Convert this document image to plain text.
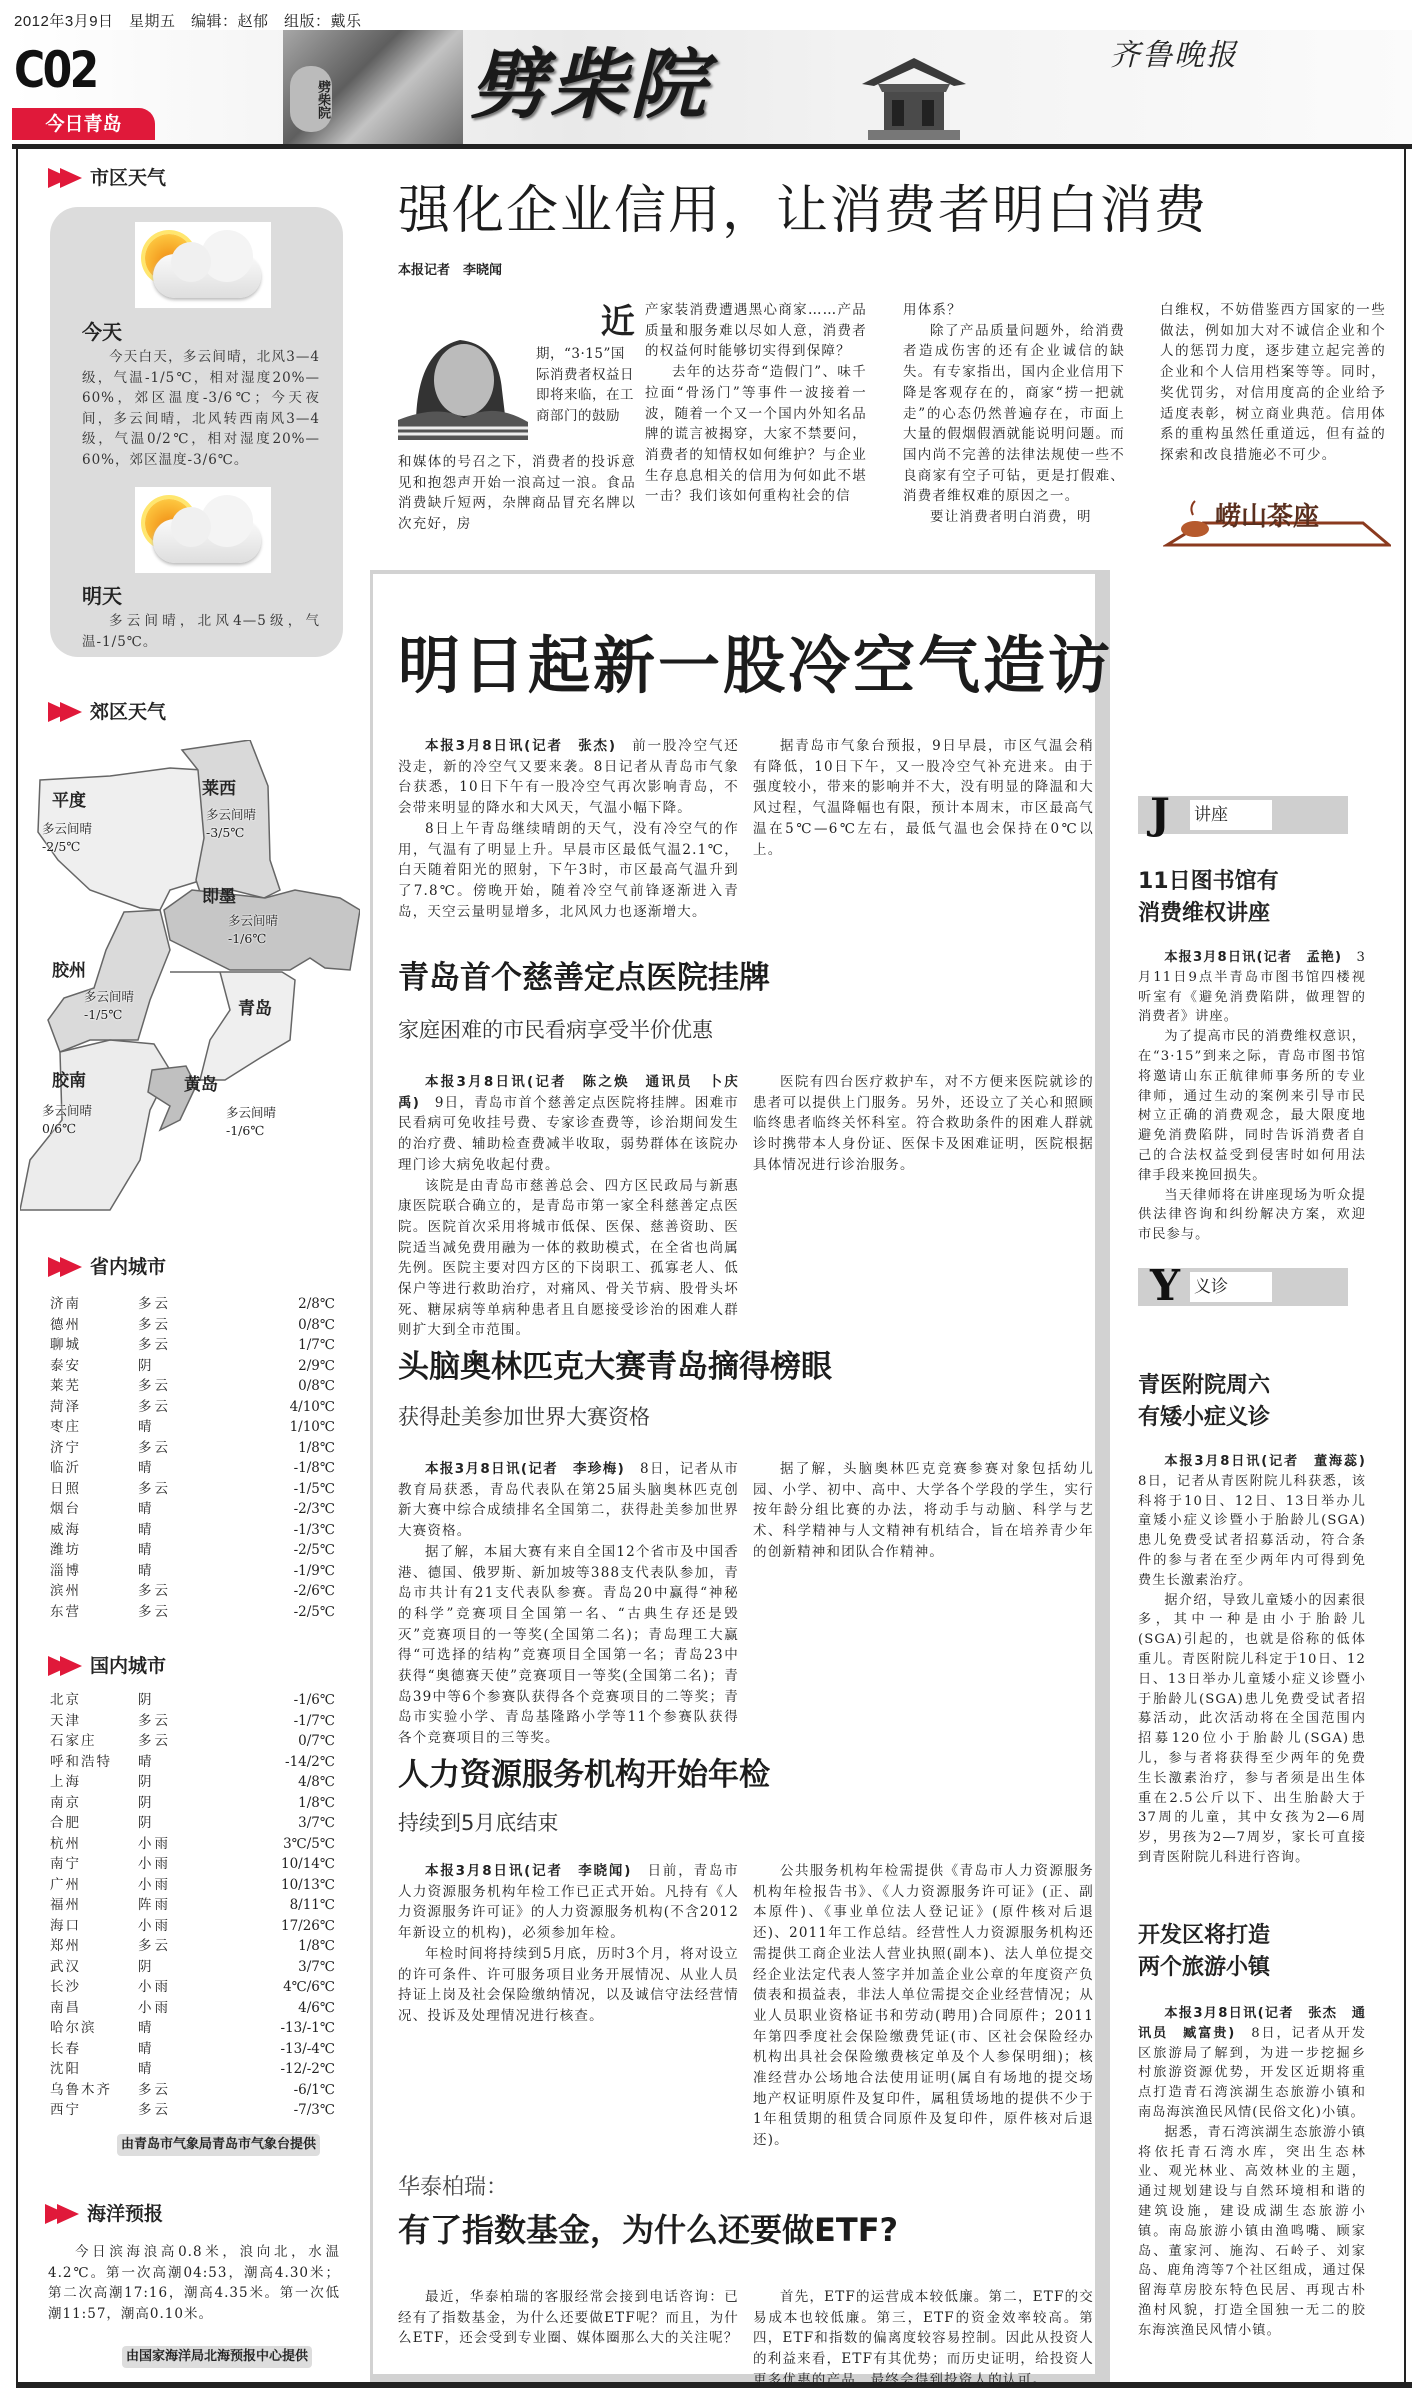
2012年3月9日　星期五　编辑：赵郁　组版：戴乐
劈柴院
C02
今日青岛	劈柴院	齐鲁晚报
市区天气
今天
今天白天，多云间晴，北风3—4级，气温-1/5℃，相对湿度20%—60%，郊区温度-3/6℃；今天夜间，多云间晴，北风转西南风3—4级，气温0/2℃，相对湿度20%—60%，郊区温度-3/6℃。
明天
多云间晴，北风4—5级，气温-1/5℃。
郊区天气
平度
多云间晴
-2/5℃
莱西
多云间晴
-3/5℃
即墨
多云间晴
-1/6℃
胶州
多云间晴
-1/5℃	青岛
胶南
多云间晴
0/6℃
黄岛
多云间晴
-1/6℃
省内城市
济南	多云	2/8℃
德州	多云	0/8℃
聊城	多云	1/7℃
泰安	阴	2/9℃
莱芜	多云	0/8℃
菏泽	多云	4/10℃
枣庄	晴	1/10℃
济宁	多云	1/8℃
临沂	晴	-1/8℃
日照	多云	-1/5℃
烟台	晴	-2/3℃
威海	晴	-1/3℃
潍坊	晴	-2/5℃
淄博	晴	-1/9℃
滨州	多云	-2/6℃
东营	多云	-2/5℃
国内城市
北京	阴	-1/6℃
天津	多云	-1/7℃
石家庄	多云	0/7℃
呼和浩特	晴	-14/2℃
上海	阴	4/8℃
南京	阴	1/8℃
合肥	阴	3/7℃
杭州	小雨	3℃/5℃
南宁	小雨	10/14℃
广州	小雨	10/13℃
福州	阵雨	8/11℃
海口	小雨	17/26℃
郑州	多云	1/8℃
武汉	阴	3/7℃
长沙	小雨	4℃/6℃
南昌	小雨	4/6℃
哈尔滨	晴	-13/-1℃
长春	晴	-13/-4℃
沈阳	晴	-12/-2℃
乌鲁木齐	多云	-6/1℃
西宁	多云	-7/3℃
由青岛市气象局青岛市气象台提供
海洋预报
今日滨海浪高0.8米，浪向北，水温4.2℃。第一次高潮04:53，潮高4.30米；第二次高潮17:16，潮高4.35米。第一次低潮11:57，潮高0.10米。
由国家海洋局北海预报中心提供
强化企业信用，让消费者明白消费
本报记者　李晓闻
近
期，“3·15”国际消费者权益日即将来临，在工商部门的鼓励
和媒体的号召之下，消费者的投诉意见和抱怨声开始一浪高过一浪。食品消费缺斤短两，杂牌商品冒充名牌以次充好，房
产家装消费遭遇黑心商家……产品质量和服务难以尽如人意，消费者的权益何时能够切实得到保障？

去年的达芬奇“造假门”、味千拉面“骨汤门”等事件一波接着一波，随着一个又一个国内外知名品牌的谎言被揭穿，大家不禁要问，消费者的知情权如何维护？与企业生存息息相关的信用为何如此不堪一击？我们该如何重构社会的信

用体系？

除了产品质量问题外，给消费者造成伤害的还有企业诚信的缺失。有专家指出，国内企业信用下降是客观存在的，商家“捞一把就走”的心态仍然普遍存在，市面上大量的假烟假酒就能说明问题。而国内尚不完善的法律法规使一些不良商家有空子可钻，更是打假难、消费者维权难的原因之一。

要让消费者明白消费，明

白维权，不妨借鉴西方国家的一些做法，例如加大对不诚信企业和个人的惩罚力度，逐步建立起完善的企业和个人信用档案等等。同时，奖优罚劣，对信用度高的企业给予适度表彰，树立商业典范。信用体系的重构虽然任重道远，但有益的探索和改良措施必不可少。
崂山茶座
明日起新一股冷空气造访

本报3月8日讯(记者　张杰)　 前一股冷空气还没走，新的冷空气又要来袭。8日记者从青岛市气象台获悉，10日下午有一股冷空气再次影响青岛，不会带来明显的降水和大风天，气温小幅下降。

8日上午青岛继续晴朗的天气，没有冷空气的作用，气温有了明显上升。早晨市区最低气温2.1℃，白天随着阳光的照射，下午3时，市区最高气温升到了7.8℃。傍晚开始，随着冷空气前锋逐渐进入青岛，天空云量明显增多，北风风力也逐渐增大。

据青岛市气象台预报，9日早晨，市区气温会稍有降低，10日下午，又一股冷空气补充进来。由于强度较小，带来的影响并不大，没有明显的降温和大风过程，气温降幅也有限，预计本周末，市区最高气温在5℃—6℃左右，最低气温也会保持在0℃以上。

青岛首个慈善定点医院挂牌
家庭困难的市民看病享受半价优惠

本报3月8日讯(记者　陈之焕　通讯员　卜庆禹)　 9日，青岛市首个慈善定点医院将挂牌。困难市民看病可免收挂号费、专家诊查费等，诊治期间发生的治疗费、辅助检查费减半收取，弱势群体在该院办理门诊大病免收起付费。

该院是由青岛市慈善总会、四方区民政局与新惠康医院联合确立的，是青岛市第一家全科慈善定点医院。医院首次采用将城市低保、医保、慈善资助、医院适当减免费用融为一体的救助模式，在全省也尚属先例。医院主要对四方区的下岗职工、孤寡老人、低保户等进行救助治疗，对痛风、骨关节病、股骨头坏死、糖尿病等单病种患者且自愿接受诊治的困难人群则扩大到全市范围。

医院有四台医疗救护车，对不方便来医院就诊的患者可以提供上门服务。另外，还设立了关心和照顾临终患者临终关怀科室。符合救助条件的困难人群就诊时携带本人身份证、医保卡及困难证明，医院根据具体情况进行诊治服务。

头脑奥林匹克大赛青岛摘得榜眼
获得赴美参加世界大赛资格

本报3月8日讯(记者　李珍梅)　 8日，记者从市教育局获悉，青岛代表队在第25届头脑奥林匹克创新大赛中综合成绩排名全国第二，获得赴美参加世界大赛资格。

据了解，本届大赛有来自全国12个省市及中国香港、德国、俄罗斯、新加坡等388支代表队参加，青岛市共计有21支代表队参赛。青岛20中赢得“神秘的科学”竞赛项目全国第一名、“古典生存还是毁灭”竞赛项目的一等奖(全国第二名)；青岛理工大赢得“可选择的结构”竞赛项目全国第一名；青岛23中获得“奥德赛天使”竞赛项目一等奖(全国第二名)；青岛39中等6个参赛队获得各个竞赛项目的二等奖；青岛市实验小学、青岛基隆路小学等11个参赛队获得各个竞赛项目的三等奖。

据了解，头脑奥林匹克竞赛参赛对象包括幼儿园、小学、初中、高中、大学各个学段的学生，实行按年龄分组比赛的办法，将动手与动脑、科学与艺术、科学精神与人文精神有机结合，旨在培养青少年的创新精神和团队合作精神。

人力资源服务机构开始年检
持续到5月底结束

本报3月8日讯(记者　李晓闻)　 日前，青岛市人力资源服务机构年检工作已正式开始。凡持有《人力资源服务许可证》的人力资源服务机构(不含2012年新设立的机构)，必须参加年检。

年检时间将持续到5月底，历时3个月，将对设立的许可条件、许可服务项目业务开展情况、从业人员持证上岗及社会保险缴纳情况，以及诚信守法经营情况、投诉及处理情况进行核查。

公共服务机构年检需提供《青岛市人力资源服务机构年检报告书》、《人力资源服务许可证》(正、副本原件)、《事业单位法人登记证》(原件核对后退还)、2011年工作总结。经营性人力资源服务机构还需提供工商企业法人营业执照(副本)、法人单位提交经企业法定代表人签字并加盖企业公章的年度资产负债表和损益表，非法人单位需提交企业经营情况；从业人员职业资格证书和劳动(聘用)合同原件；2011年第四季度社会保险缴费凭证(市、区社会保险经办机构出具社会保险缴费核定单及个人参保明细)；核准经营办公场地合法使用证明(属自有场地的提交场地产权证明原件及复印件，属租赁场地的提供不少于1年租赁期的租赁合同原件及复印件，原件核对后退还)。

华泰柏瑞：
有了指数基金，为什么还要做ETF?

最近，华泰柏瑞的客服经常会接到电话咨询：已经有了指数基金，为什么还要做ETF呢？而且，为什么ETF，还会受到专业圈、媒体圈那么大的关注呢？

首先，ETF的运营成本较低廉。第二，ETF的交易成本也较低廉。第三，ETF的资金效率较高。第四，ETF和指数的偏离度较容易控制。因此从投资人的利益来看，ETF有其优势；而历史证明，给投资人更多优惠的产品，最终会得到投资人的认可。

J 讲座
11日图书馆有
消费维权讲座

本报3月8日讯(记者　孟艳)　 3月11日9点半青岛市图书馆四楼视听室有《避免消费陷阱，做理智的消费者》讲座。

为了提高市民的消费维权意识，在“3·15”到来之际，青岛市图书馆将邀请山东正航律师事务所的专业律师，通过生动的案例来引导市民树立正确的消费观念，最大限度地避免消费陷阱，同时告诉消费者自己的合法权益受到侵害时如何用法律手段来挽回损失。

当天律师将在讲座现场为听众提供法律咨询和纠纷解决方案，欢迎市民参与。

Y 义诊
青医附院周六
有矮小症义诊

本报3月8日讯(记者　董海蕊)　8日，记者从青医附院儿科获悉，该科将于10日、12日、13日举办儿童矮小症义诊暨小于胎龄儿(SGA)患儿免费受试者招募活动，符合条件的参与者在至少两年内可得到免费生长激素治疗。

据介绍，导致儿童矮小的因素很多，其中一种是由小于胎龄儿(SGA)引起的，也就是俗称的低体重儿。青医附院儿科定于10日、12日、13日举办儿童矮小症义诊暨小于胎龄儿(SGA)患儿免费受试者招募活动，此次活动将在全国范围内招募120位小于胎龄儿(SGA)患儿，参与者将获得至少两年的免费生长激素治疗，参与者须是出生体重在2.5公斤以下、出生胎龄大于37周的儿童，其中女孩为2—6周岁，男孩为2—7周岁，家长可直接到青医附院儿科进行咨询。

开发区将打造
两个旅游小镇

本报3月8日讯(记者　张杰　通讯员　臧富贵)　 8日，记者从开发区旅游局了解到，为进一步挖掘乡村旅游资源优势，开发区近期将重点打造青石湾滨湖生态旅游小镇和南岛海滨渔民风情(民俗文化)小镇。

据悉，青石湾滨湖生态旅游小镇将依托青石湾水库，突出生态林业、观光林业、高效林业的主题，通过规划建设与自然环境相和谐的建筑设施，建设成湖生态旅游小镇。南岛旅游小镇由渔鸣嘴、顾家岛、董家河、施沟、石岭子、刘家岛、鹿角湾等7个社区组成，通过保留海草房胶东特色民居、再现古朴渔村风貌，打造全国独一无二的胶东海滨渔民风情小镇。
